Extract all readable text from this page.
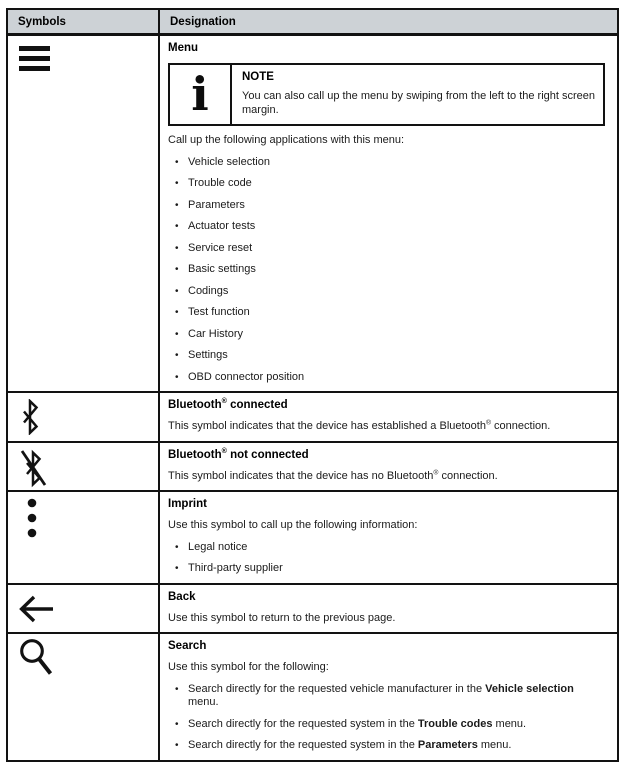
Symbols	Designation
Menu
i	NOTE
You can also call up the menu by swiping from the left to the right screen margin.
Call up the following applications with this menu:
• Vehicle selection
• Trouble code
• Parameters
• Actuator tests
• Service reset
• Basic settings
• Codings
• Test function
• Car History
• Settings
• OBD connector position
Bluetooth® connected
This symbol indicates that the device has established a Bluetooth® connection.
Bluetooth® not connected
This symbol indicates that the device has no Bluetooth® connection.
Imprint
Use this symbol to call up the following information:
• Legal notice
• Third-party supplier
Back
Use this symbol to return to the previous page.
Search
Use this symbol for the following:
• Search directly for the requested vehicle manufacturer in the Vehicle selection menu.
• Search directly for the requested system in the Trouble codes menu.
• Search directly for the requested system in the Parameters menu.
